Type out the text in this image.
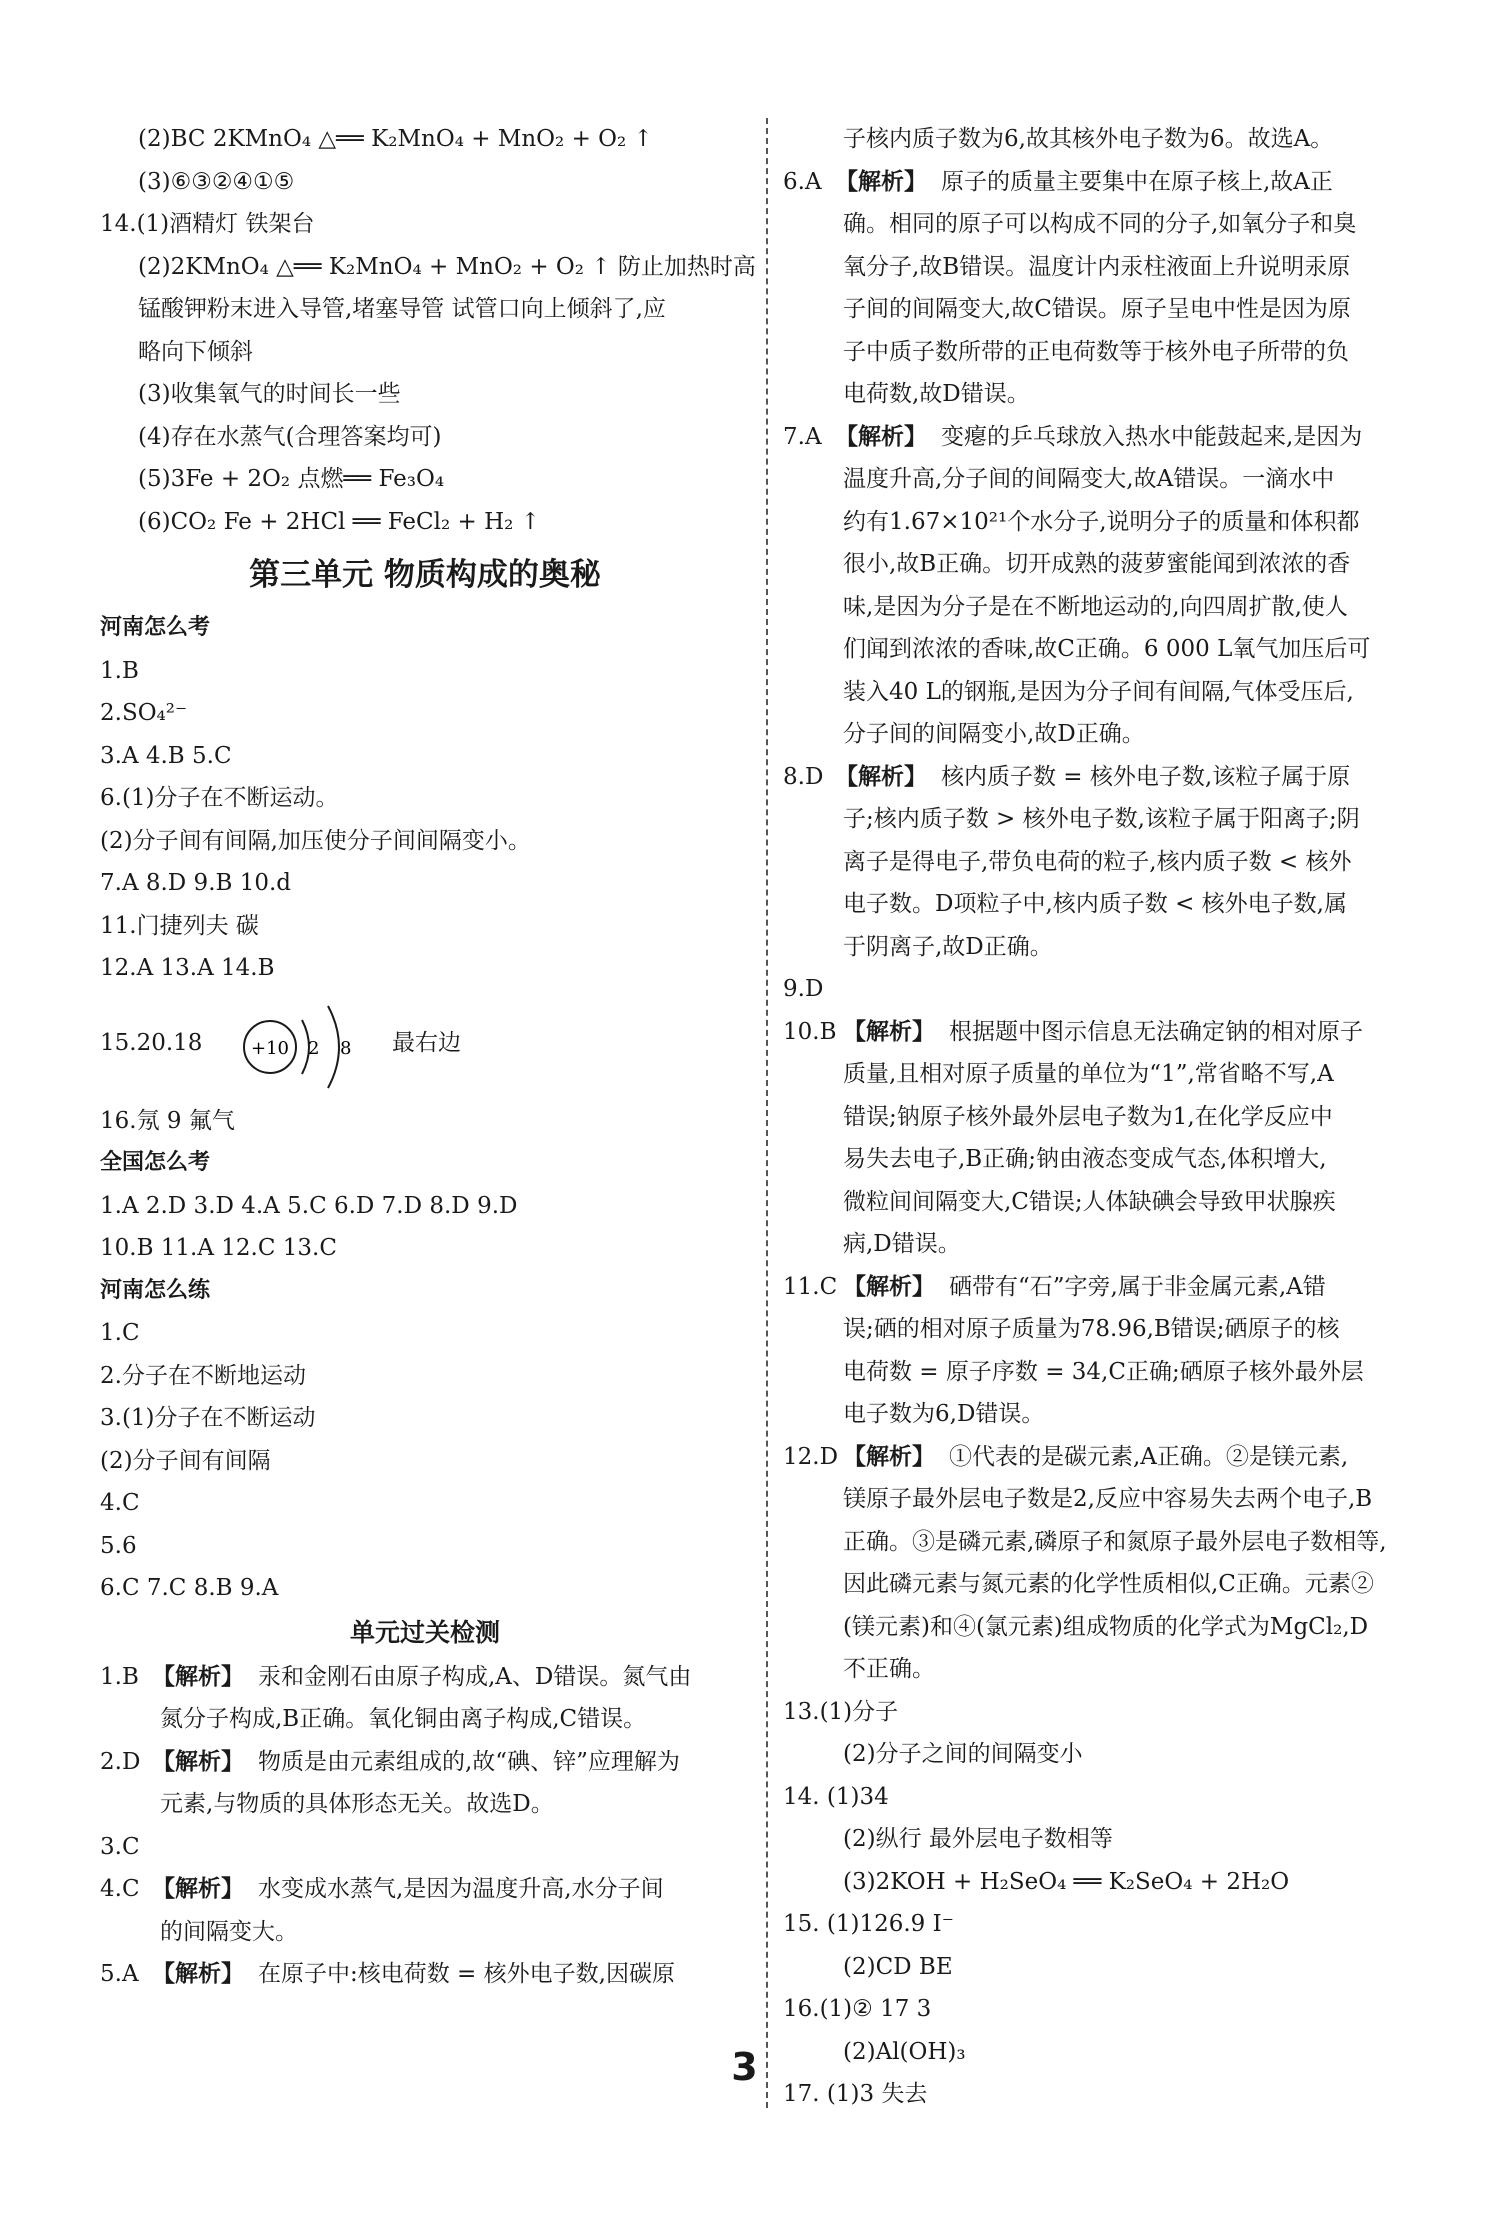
(2)BC 2KMnO₄ △══ K₂MnO₄ + MnO₂ + O₂ ↑
(3)⑥③②④①⑤
14.(1)酒精灯 铁架台
(2)2KMnO₄ △══ K₂MnO₄ + MnO₂ + O₂ ↑ 防止加热时高
锰酸钾粉末进入导管,堵塞导管 试管口向上倾斜了,应
略向下倾斜
(3)收集氧气的时间长一些
(4)存在水蒸气(合理答案均可)
(5)3Fe + 2O₂ 点燃══ Fe₃O₄
(6)CO₂ Fe + 2HCl ══ FeCl₂ + H₂ ↑
第三单元 物质构成的奥秘
河南怎么考
1.B
2.SO₄²⁻
3.A 4.B 5.C
6.(1)分子在不断运动。
(2)分子间有间隔,加压使分子间间隔变小。
7.A 8.D 9.B 10.d
11.门捷列夫 碳
12.A 13.A 14.B
15.20.18	+10 2 8 最右边
16.氖 9 氟气
全国怎么考
1.A 2.D 3.D 4.A 5.C 6.D 7.D 8.D 9.D
10.B 11.A 12.C 13.C
河南怎么练
1.C
2.分子在不断地运动
3.(1)分子在不断运动
(2)分子间有间隔
4.C
5.6
6.C 7.C 8.B 9.A
单元过关检测
1.B 【解析】 汞和金刚石由原子构成,A、D错误。氮气由
氮分子构成,B正确。氧化铜由离子构成,C错误。
2.D 【解析】 物质是由元素组成的,故“碘、锌”应理解为
元素,与物质的具体形态无关。故选D。
3.C
4.C 【解析】 水变成水蒸气,是因为温度升高,水分子间
的间隔变大。
5.A 【解析】 在原子中:核电荷数 = 核外电子数,因碳原
子核内质子数为6,故其核外电子数为6。故选A。
6.A 【解析】 原子的质量主要集中在原子核上,故A正
确。相同的原子可以构成不同的分子,如氧分子和臭
氧分子,故B错误。温度计内汞柱液面上升说明汞原
子间的间隔变大,故C错误。原子呈电中性是因为原
子中质子数所带的正电荷数等于核外电子所带的负
电荷数,故D错误。
7.A 【解析】 变瘪的乒乓球放入热水中能鼓起来,是因为
温度升高,分子间的间隔变大,故A错误。一滴水中
约有1.67×10²¹个水分子,说明分子的质量和体积都
很小,故B正确。切开成熟的菠萝蜜能闻到浓浓的香
味,是因为分子是在不断地运动的,向四周扩散,使人
们闻到浓浓的香味,故C正确。6 000 L氧气加压后可
装入40 L的钢瓶,是因为分子间有间隔,气体受压后,
分子间的间隔变小,故D正确。
8.D 【解析】 核内质子数 = 核外电子数,该粒子属于原
子;核内质子数 > 核外电子数,该粒子属于阳离子;阴
离子是得电子,带负电荷的粒子,核内质子数 < 核外
电子数。D项粒子中,核内质子数 < 核外电子数,属
于阴离子,故D正确。
9.D
10.B 【解析】 根据题中图示信息无法确定钠的相对原子
质量,且相对原子质量的单位为“1”,常省略不写,A
错误;钠原子核外最外层电子数为1,在化学反应中
易失去电子,B正确;钠由液态变成气态,体积增大,
微粒间间隔变大,C错误;人体缺碘会导致甲状腺疾
病,D错误。
11.C 【解析】 硒带有“石”字旁,属于非金属元素,A错
误;硒的相对原子质量为78.96,B错误;硒原子的核
电荷数 = 原子序数 = 34,C正确;硒原子核外最外层
电子数为6,D错误。
12.D 【解析】 ①代表的是碳元素,A正确。②是镁元素,
镁原子最外层电子数是2,反应中容易失去两个电子,B
正确。③是磷元素,磷原子和氮原子最外层电子数相等,
因此磷元素与氮元素的化学性质相似,C正确。元素②
(镁元素)和④(氯元素)组成物质的化学式为MgCl₂,D
不正确。
13.(1)分子
(2)分子之间的间隔变小
14. (1)34
(2)纵行 最外层电子数相等
(3)2KOH + H₂SeO₄ ══ K₂SeO₄ + 2H₂O
15. (1)126.9 I⁻
(2)CD BE
16.(1)② 17 3
(2)Al(OH)₃
17. (1)3 失去
3
